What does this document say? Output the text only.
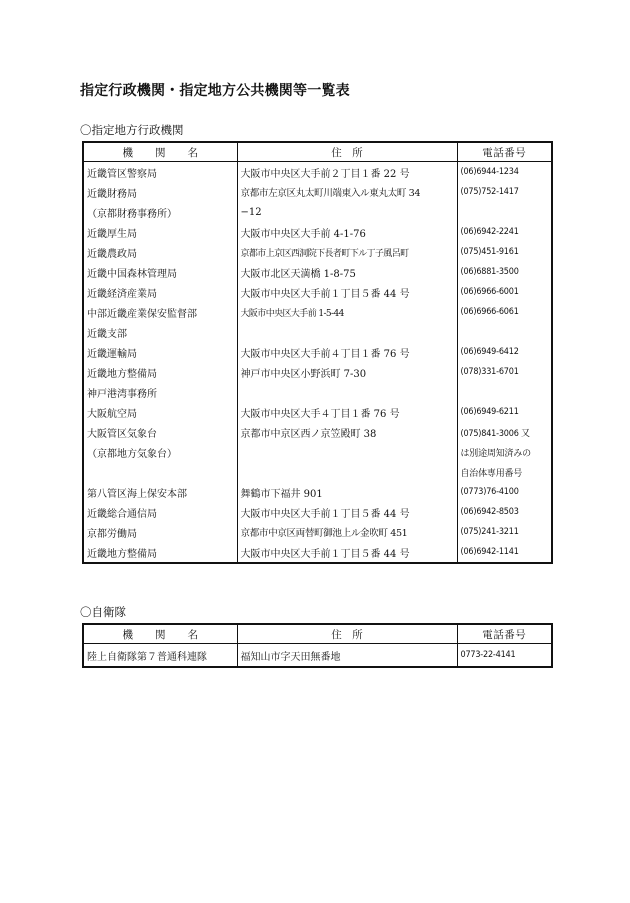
指定行政機関・指定地方公共機関等一覧表
〇指定地方行政機関
機関名	住　所	電話番号
近畿管区警察局	大阪市中央区大手前２丁目１番 22 号	(06)6944-1234
近畿財務局	京都市左京区丸太町川端東入ル東丸太町 34	(075)752-1417
（京都財務事務所）	−12	
近畿厚生局	大阪市中央区大手前 4-1-76	(06)6942-2241
近畿農政局	京都市上京区西洞院下長者町下ル丁子風呂町	(075)451-9161
近畿中国森林管理局	大阪市北区天満橋 1-8-75	(06)6881-3500
近畿経済産業局	大阪市中央区大手前１丁目５番 44 号	(06)6966-6001
中部近畿産業保安監督部	大阪市中央区大手前 1-5-44	(06)6966-6061
近畿支部		
近畿運輸局	大阪市中央区大手前４丁目１番 76 号	(06)6949-6412
近畿地方整備局	神戸市中央区小野浜町 7-30	(078)331-6701
神戸港湾事務所		
大阪航空局	大阪市中央区大手４丁目１番 76 号	(06)6949-6211
大阪管区気象台	京都市中京区西ノ京笠殿町 38	(075)841-3006 又
（京都地方気象台）		は別途周知済みの
		自治体専用番号
第八管区海上保安本部	舞鶴市下福井 901	(0773)76-4100
近畿総合通信局	大阪市中央区大手前１丁目５番 44 号	(06)6942-8503
京都労働局	京都市中京区両替町御池上ル金吹町 451	(075)241-3211
近畿地方整備局	大阪市中央区大手前１丁目５番 44 号	(06)6942-1141
〇自衛隊
機関名	住　所	電話番号
陸上自衛隊第７普通科連隊	福知山市字天田無番地	0773-22-4141
